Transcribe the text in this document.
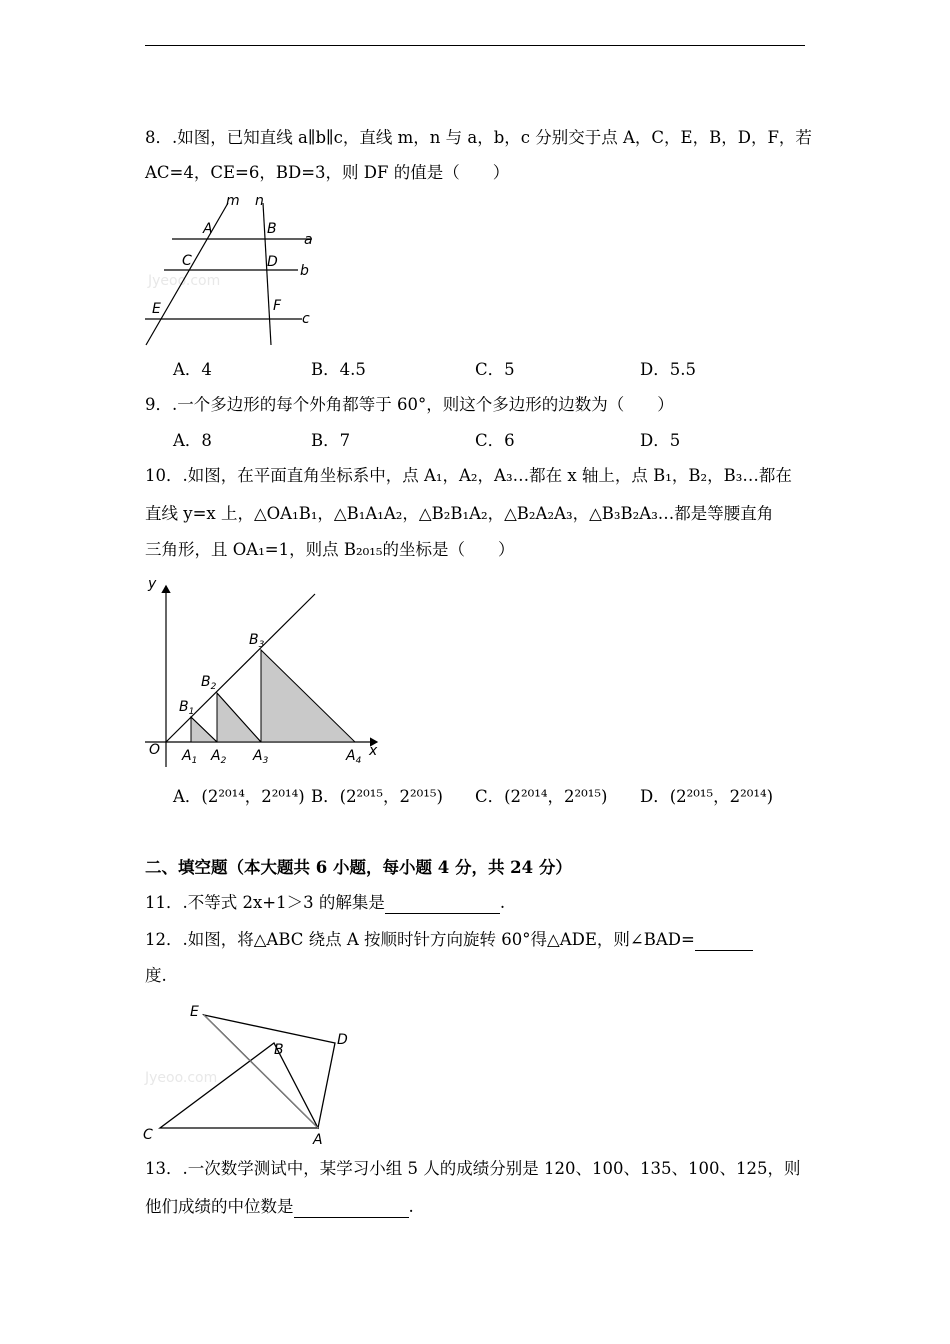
8．.如图，已知直线 a∥b∥c，直线 m，n 与 a，b，c 分别交于点 A，C，E，B，D，F，若
AC=4，CE=6，BD=3，则 DF 的值是（　　）
Jyeoo.com
m n
a
b
c
A	B
C	D
E	F
A．4	B．4.5	C．5	D．5.5
9．.一个多边形的每个外角都等于 60°，则这个多边形的边数为（　　）
A．8	B．7	C．6	D．5
10．.如图，在平面直角坐标系中，点 A₁，A₂，A₃…都在 x 轴上，点 B₁，B₂，B₃…都在
直线 y=x 上，△OA₁B₁，△B₁A₁A₂，△B₂B₁A₂，△B₂A₂A₃，△B₃B₂A₃…都是等腰直角
三角形，且 OA₁=1，则点 B₂₀₁₅的坐标是（　　）
y
x
O $A_1$ $A_2$ $A_3$	$A_4$
$B_1$
$B_2$
$B_3$
A．(2²⁰¹⁴，2²⁰¹⁴) B．(2²⁰¹⁵，2²⁰¹⁵) C．(2²⁰¹⁴，2²⁰¹⁵) D．(2²⁰¹⁵，2²⁰¹⁴)
二、填空题（本大题共 6 小题，每小题 4 分，共 24 分）
11．.不等式 2x+1＞3 的解集是	.
12．.如图，将△ABC 绕点 A 按顺时针方向旋转 60°得△ADE，则∠BAD=
度.
Jyeoo.com
E
D
B
C	A
13．.一次数学测试中，某学习小组 5 人的成绩分别是 120、100、135、100、125，则
他们成绩的中位数是	.
